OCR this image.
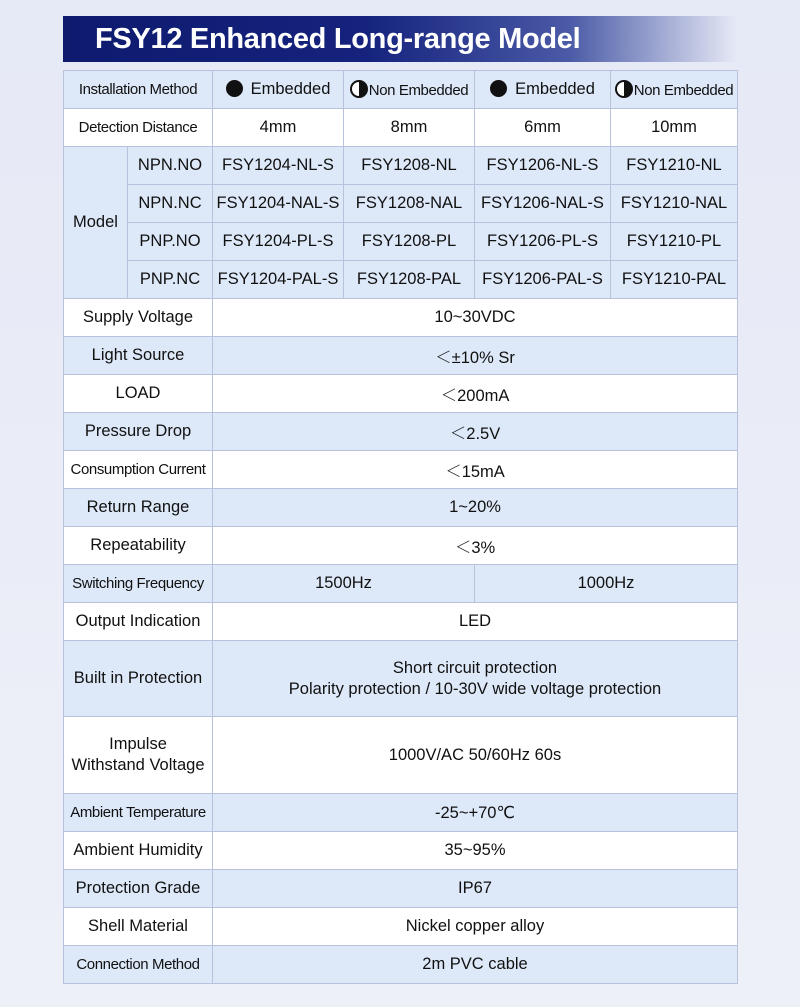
FSY12 Enhanced Long-range Model
Installation Method		Embedded	Non Embedded	Embedded	Non Embedded
Detection Distance		4mm	8mm	6mm	10mm
Model	NPN.NO	FSY1204-NL-S	FSY1208-NL	FSY1206-NL-S	FSY1210-NL
	NPN.NC	FSY1204-NAL-S	FSY1208-NAL	FSY1206-NAL-S	FSY1210-NAL
	PNP.NO	FSY1204-PL-S	FSY1208-PL	FSY1206-PL-S	FSY1210-PL
	PNP.NC	FSY1204-PAL-S	FSY1208-PAL	FSY1206-PAL-S	FSY1210-PAL
Supply Voltage		10~30VDC			
Light Source		＜±10% Sr			
LOAD		＜200mA			
Pressure Drop		＜2.5V			
Consumption Current		＜15mA			
Return Range		1~20%			
Repeatability		＜3%			
Switching Frequency		1500Hz		1000Hz	
Output Indication		LED			
Built in Protection		Short circuit protection
Polarity protection / 10-30V wide voltage protection			

Impulse
Withstand Voltage		1000V/AC 50/60Hz 60s			
Ambient Temperature		-25~+70℃			
Ambient Humidity		35~95%			
Protection Grade		IP67			
Shell Material		Nickel copper alloy			
Connection Method		2m PVC cable			
